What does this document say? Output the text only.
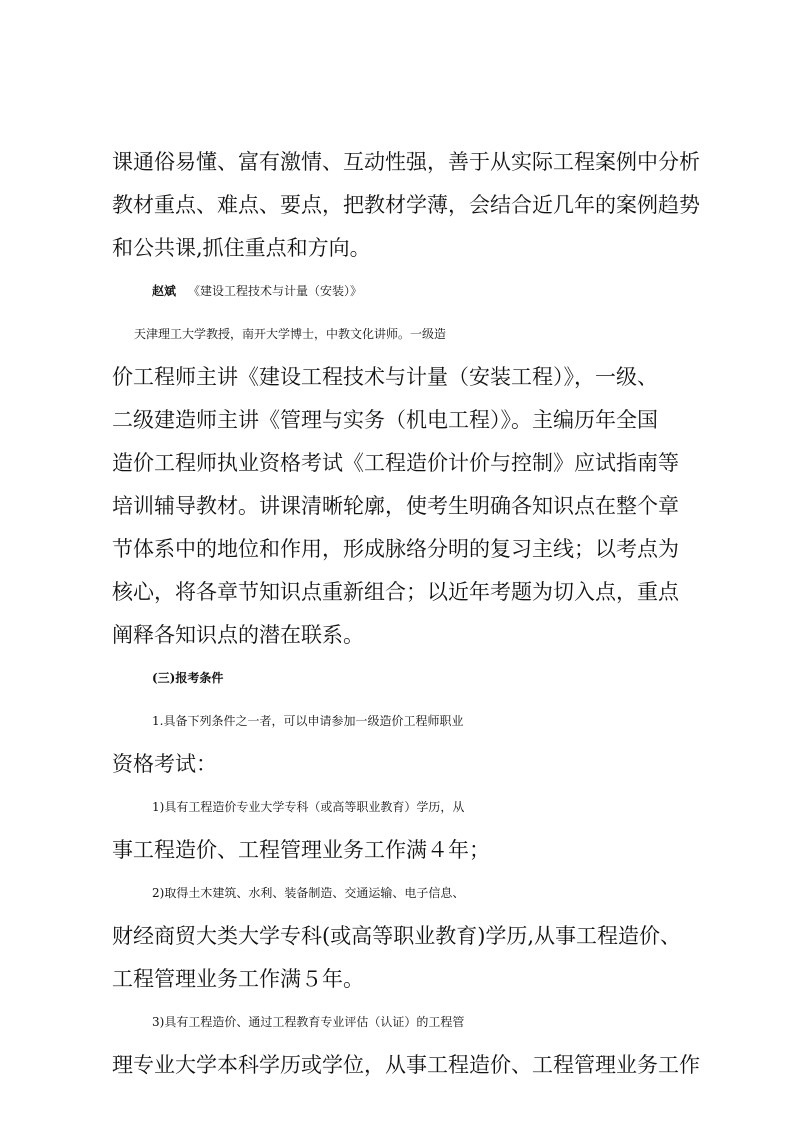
课通俗易懂、富有激情、互动性强，善于从实际工程案例中分析
教材重点、难点、要点，把教材学薄，会结合近几年的案例趋势
和公共课,抓住重点和方向。
赵斌 《建设工程技术与计量（安装）》
天津理工大学教授，南开大学博士，中教文化讲师。一级造
价工程师主讲《建设工程技术与计量（安装工程）》，一级、
二级建造师主讲《管理与实务（机电工程）》。主编历年全国
造价工程师执业资格考试《工程造价计价与控制》应试指南等
培训辅导教材。讲课清晰轮廓，使考生明确各知识点在整个章
节体系中的地位和作用，形成脉络分明的复习主线；以考点为
核心，将各章节知识点重新组合；以近年考题为切入点，重点
阐释各知识点的潜在联系。
(三)报考条件
1.具备下列条件之一者，可以申请参加一级造价工程师职业
资格考试：
1)具有工程造价专业大学专科（或高等职业教育）学历，从
事工程造价、工程管理业务工作满４年；
2)取得土木建筑、水利、装备制造、交通运输、电子信息、
财经商贸大类大学专科(或高等职业教育)学历,从事工程造价、
工程管理业务工作满５年。
3)具有工程造价、通过工程教育专业评估（认证）的工程管
理专业大学本科学历或学位，从事工程造价、工程管理业务工作
